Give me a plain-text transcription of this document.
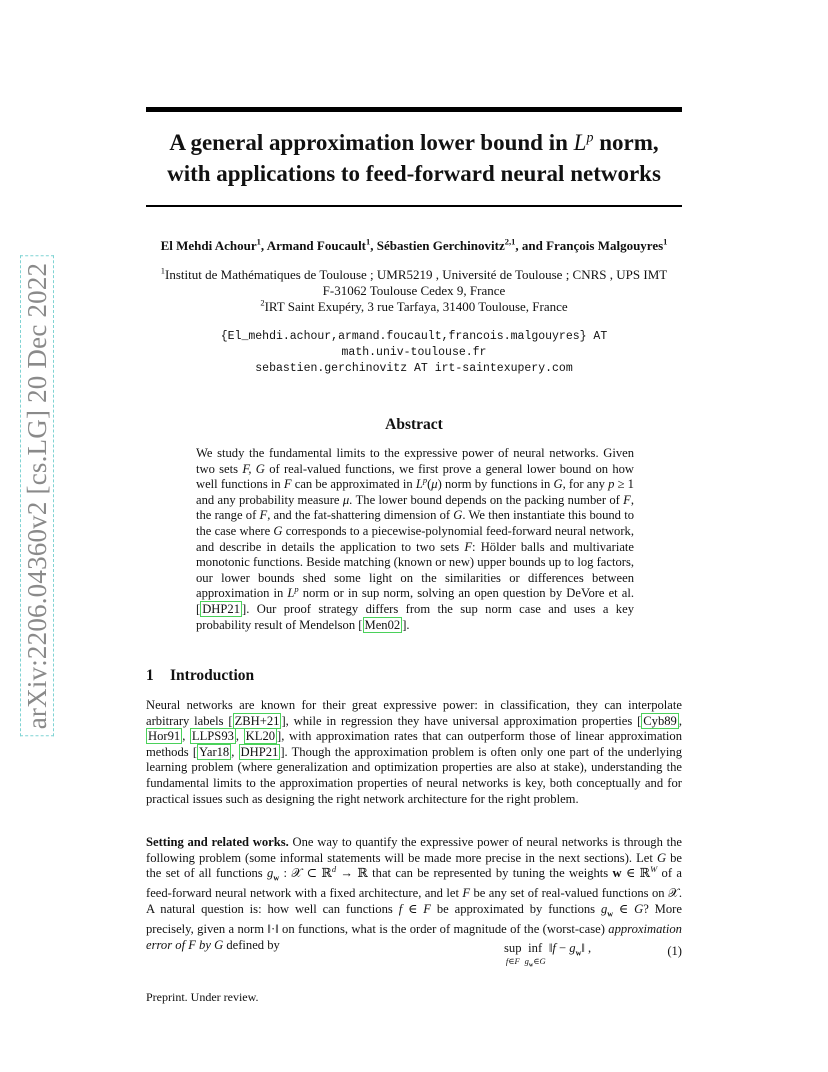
arXiv:2206.04360v2 [cs.LG] 20 Dec 2022
A general approximation lower bound in $L^p$ norm,
with applications to feed-forward neural networks
El Mehdi Achour$^1$, Armand Foucault$^1$, Sébastien Gerchinovitz$^{2,1}$, and François Malgouyres$^1$
$^1$Institut de Mathématiques de Toulouse ; UMR5219 , Université de Toulouse ; CNRS , UPS IMT
F-31062 Toulouse Cedex 9, France
$^2$IRT Saint Exupéry, 3 rue Tarfaya, 31400 Toulouse, France
{El_mehdi.achour,armand.foucault,francois.malgouyres} AT
math.univ-toulouse.fr
sebastien.gerchinovitz AT irt-saintexupery.com
Abstract
We study the fundamental limits to the expressive power of neural networks. Given two sets F, G of real-valued functions, we first prove a general lower bound on how well functions in F can be approximated in $L^p(\mu)$ norm by functions in G, for any p ≥ 1 and any probability measure μ. The lower bound depends on the packing number of F, the range of F, and the fat-shattering dimension of G. We then instantiate this bound to the case where G corresponds to a piecewise-polynomial feed-forward neural network, and describe in details the application to two sets F: Hölder balls and multivariate monotonic functions. Beside matching (known or new) upper bounds up to log factors, our lower bounds shed some light on the similarities or differences between approximation in $L^p$ norm or in sup norm, solving an open question by DeVore et al. [ DHP21 ]. Our proof strategy differs from the sup norm case and uses a key probability result of Mendelson [ Men02 ].
1 Introduction
Neural networks are known for their great expressive power: in classification, they can interpolate arbitrary labels [ ZBH+21 ], while in regression they have universal approximation properties [ Cyb89 , Hor91 , LLPS93 , KL20 ], with approximation rates that can outperform those of linear approximation methods [ Yar18 , DHP21 ]. Though the approximation problem is often only one part of the underlying learning problem (where generalization and optimization properties are also at stake), understanding the fundamental limits to the approximation properties of neural networks is key, both conceptually and for practical issues such as designing the right network architecture for the right problem.
Setting and related works. One way to quantify the expressive power of neural networks is through the following problem (some informal statements will be made more precise in the next sections). Let G be the set of all functions $g_w$ : 𝒳 ⊂ ℝ$^d$ → ℝ that can be represented by tuning the weights w ∈ ℝ$^W$ of a feed-forward neural network with a fixed architecture, and let F be any set of real-valued functions on 𝒳. A natural question is: how well can functions f ∈ F be approximated by functions $g_w$ ∈ G? More precisely, given a norm ‖·‖ on functions, what is the order of magnitude of the (worst-case) approximation error of F by G defined by	sup
f∈F inf
$g_w\in G$ ‖f − $g_w‖$ ,	(1)
Preprint. Under review.
